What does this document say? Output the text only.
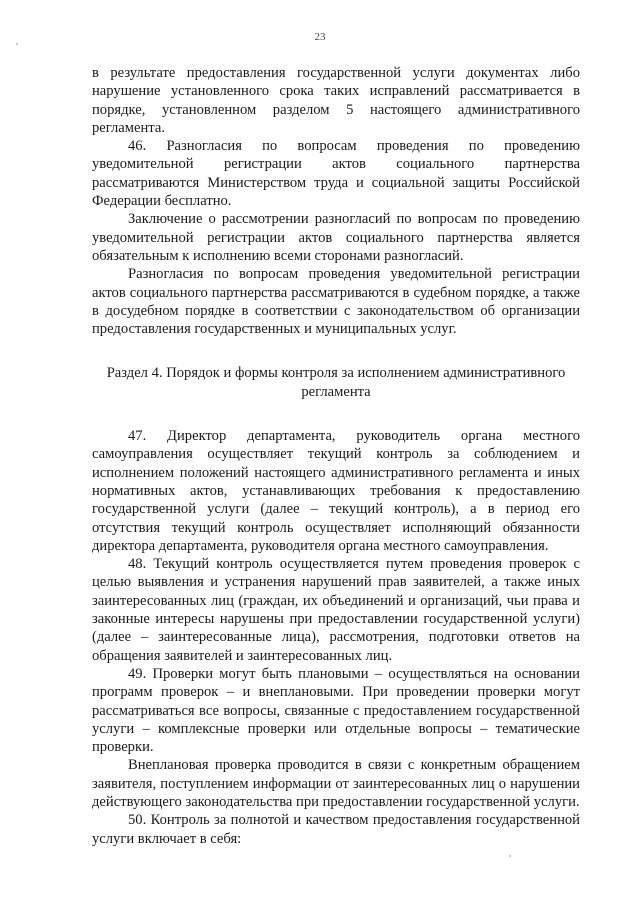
23

в результате предоставления государственной услуги документах либо нарушение установленного срока таких исправлений рассматривается в порядке, установленном разделом 5 настоящего административного регламента.

46. Разногласия по вопросам проведения по проведению уведомительной регистрации актов социального партнерства рассматриваются Министерством труда и социальной защиты Российской Федерации бесплатно.

Заключение о рассмотрении разногласий по вопросам по проведению уведомительной регистрации актов социального партнерства является обязательным к исполнению всеми сторонами разногласий.

Разногласия по вопросам проведения уведомительной регистрации актов социального партнерства рассматриваются в судебном порядке, а также в досудебном порядке в соответствии с законодательством об организации предоставления государственных и муниципальных услуг.

Раздел 4. Порядок и формы контроля за исполнением административного регламента

47. Директор департамента, руководитель органа местного самоуправления осуществляет текущий контроль за соблюдением и исполнением положений настоящего административного регламента и иных нормативных актов, устанавливающих требования к предоставлению государственной услуги (далее – текущий контроль), а в период его отсутствия текущий контроль осуществляет исполняющий обязанности директора департамента, руководителя органа местного самоуправления.

48. Текущий контроль осуществляется путем проведения проверок с целью выявления и устранения нарушений прав заявителей, а также иных заинтересованных лиц (граждан, их объединений и организаций, чьи права и законные интересы нарушены при предоставлении государственной услуги) (далее – заинтересованные лица), рассмотрения, подготовки ответов на обращения заявителей и заинтересованных лиц.

49. Проверки могут быть плановыми – осуществляться на основании программ проверок – и внеплановыми. При проведении проверки могут рассматриваться все вопросы, связанные с предоставлением государственной услуги – комплексные проверки или отдельные вопросы – тематические проверки.

Внеплановая проверка проводится в связи с конкретным обращением заявителя, поступлением информации от заинтересованных лиц о нарушении действующего законодательства при предоставлении государственной услуги.

50. Контроль за полнотой и качеством предоставления государственной услуги включает в себя:
